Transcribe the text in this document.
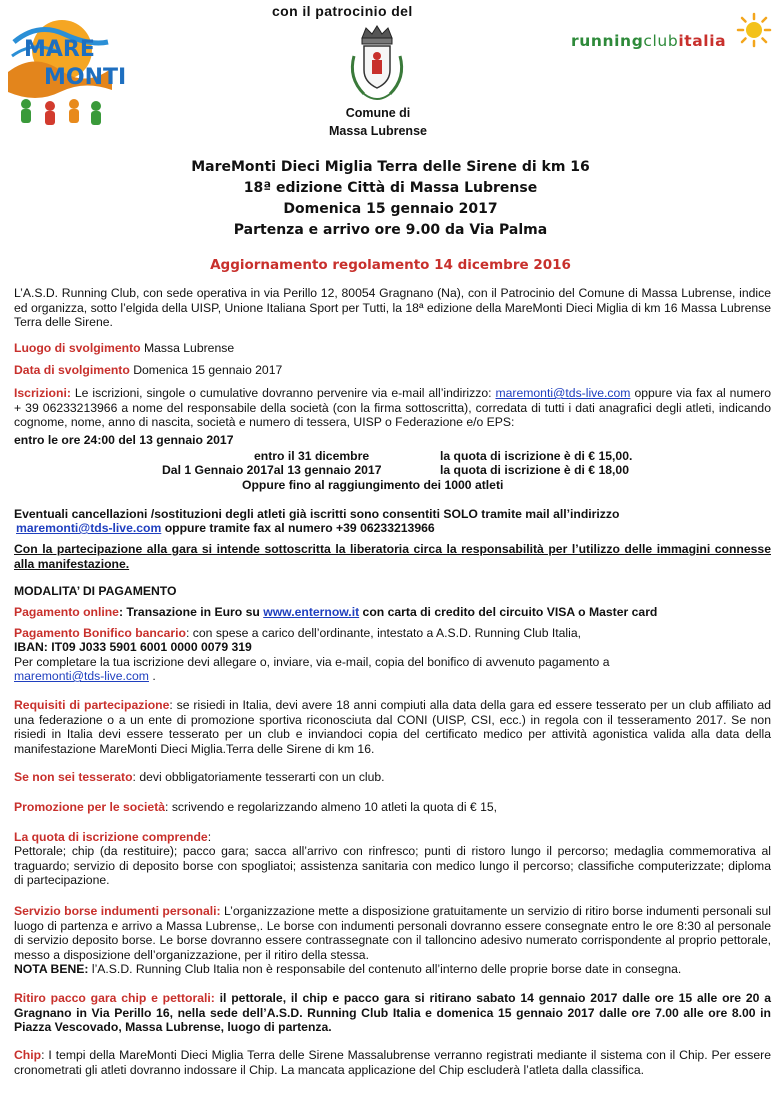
con il patrocinio del
MARE
MONTI
Comune di
Massa Lubrense
runningclubitalia
MareMonti Dieci Miglia Terra delle Sirene di km 16
18ª edizione Città di Massa Lubrense
Domenica 15 gennaio 2017
Partenza e arrivo ore 9.00 da Via Palma
Aggiornamento regolamento 14 dicembre 2016
L’A.S.D. Running Club, con sede operativa in via Perillo 12, 80054 Gragnano (Na), con il Patrocinio del Comune di Massa Lubrense, indice ed organizza, sotto l’elgida della UISP, Unione Italiana Sport per Tutti, la 18ª edizione della MareMonti Dieci Miglia di km 16 Massa Lubrense Terra delle Sirene.
Luogo di svolgimento Massa Lubrense
Data di svolgimento Domenica 15 gennaio 2017
Iscrizioni: Le iscrizioni, singole o cumulative dovranno pervenire via e-mail all’indirizzo: maremonti@tds-live.com oppure via fax al numero + 39 06233213966 a nome del responsabile della società (con la firma sottoscritta), corredata di tutti i dati anagrafici degli atleti, indicando cognome, nome, anno di nascita, società e numero di tessera, UISP o Federazione e/o EPS:
entro le ore 24:00 del 13 gennaio 2017
entro il 31 dicembre	la quota di iscrizione è di € 15,00.
Dal 1 Gennaio 2017al 13 gennaio 2017	la quota di iscrizione è di € 18,00
Oppure fino al raggiungimento dei 1000 atleti
Eventuali cancellazioni /sostituzioni degli atleti già iscritti sono consentiti SOLO tramite mail all’indirizzo
maremonti@tds-live.com oppure tramite fax al numero +39 06233213966
Con la partecipazione alla gara si intende sottoscritta la liberatoria circa la responsabilità per l’utilizzo delle immagini connesse alla manifestazione.
MODALITA’ DI PAGAMENTO
Pagamento online: Transazione in Euro su www.enternow.it con carta di credito del circuito VISA o Master card
Pagamento Bonifico bancario: con spese a carico dell’ordinante, intestato a A.S.D. Running Club Italia,
IBAN: IT09 J033 5901 6001 0000 0079 319
Per completare la tua iscrizione devi allegare o, inviare, via e-mail, copia del bonifico di avvenuto pagamento a
maremonti@tds-live.com .
Requisiti di partecipazione: se risiedi in Italia, devi avere 18 anni compiuti alla data della gara ed essere tesserato per un club affiliato ad una federazione o a un ente di promozione sportiva riconosciuta dal CONI (UISP, CSI, ecc.) in regola con il tesseramento 2017. Se non risiedi in Italia devi essere tesserato per un club e inviandoci copia del certificato medico per attività agonistica valida alla data della manifestazione MareMonti Dieci Miglia.Terra delle Sirene di km 16.
Se non sei tesserato: devi obbligatoriamente tesserarti con un club.
Promozione per le società: scrivendo e regolarizzando almeno 10 atleti la quota di € 15,
La quota di iscrizione comprende:
Pettorale; chip (da restituire); pacco gara; sacca all’arrivo con rinfresco; punti di ristoro lungo il percorso; medaglia commemorativa al traguardo; servizio di deposito borse con spogliatoi; assistenza sanitaria con medico lungo il percorso; classifiche computerizzate; diploma di partecipazione.
Servizio borse indumenti personali: L’organizzazione mette a disposizione gratuitamente un servizio di ritiro borse indumenti personali sul luogo di partenza e arrivo a Massa Lubrense,. Le borse con indumenti personali dovranno essere consegnate entro le ore 8:30 al personale di servizio deposito borse. Le borse dovranno essere contrassegnate con il talloncino adesivo numerato corrispondente al proprio pettorale, messo a disposizione dell’organizzazione, per il ritiro della stessa.
NOTA BENE: l’A.S.D. Running Club Italia non è responsabile del contenuto all’interno delle proprie borse date in consegna.
Ritiro pacco gara chip e pettorali: il pettorale, il chip e pacco gara si ritirano sabato 14 gennaio 2017 dalle ore 15 alle ore 20 a Gragnano in Via Perillo 16, nella sede dell’A.S.D. Running Club Italia e domenica 15 gennaio 2017 dalle ore 7.00 alle ore 8.00 in Piazza Vescovado, Massa Lubrense, luogo di partenza.
Chip: I tempi della MareMonti Dieci Miglia Terra delle Sirene Massalubrense verranno registrati mediante il sistema con il Chip. Per essere cronometrati gli atleti dovranno indossare il Chip. La mancata applicazione del Chip escluderà l’atleta dalla classifica.
